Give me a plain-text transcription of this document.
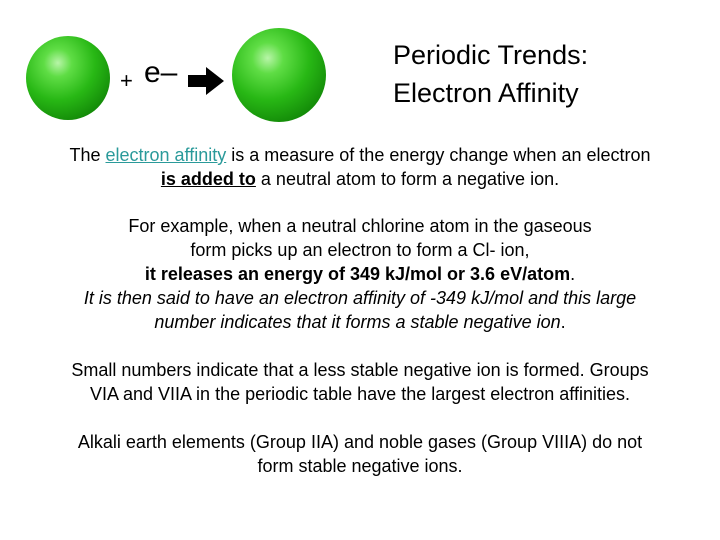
+ e–
Periodic Trends:
Electron Affinity
The electron affinity is a measure of the energy change when an electron
is added to a neutral atom to form a negative ion.
For example, when a neutral chlorine atom in the gaseous
form picks up an electron to form a Cl- ion,
it releases an energy of 349 kJ/mol or 3.6 eV/atom.
It is then said to have an electron affinity of -349 kJ/mol and this large
number indicates that it forms a stable negative ion.
Small numbers indicate that a less stable negative ion is formed. Groups
VIA and VIIA in the periodic table have the largest electron affinities.
Alkali earth elements (Group IIA) and noble gases (Group VIIIA) do not
form stable negative ions.
